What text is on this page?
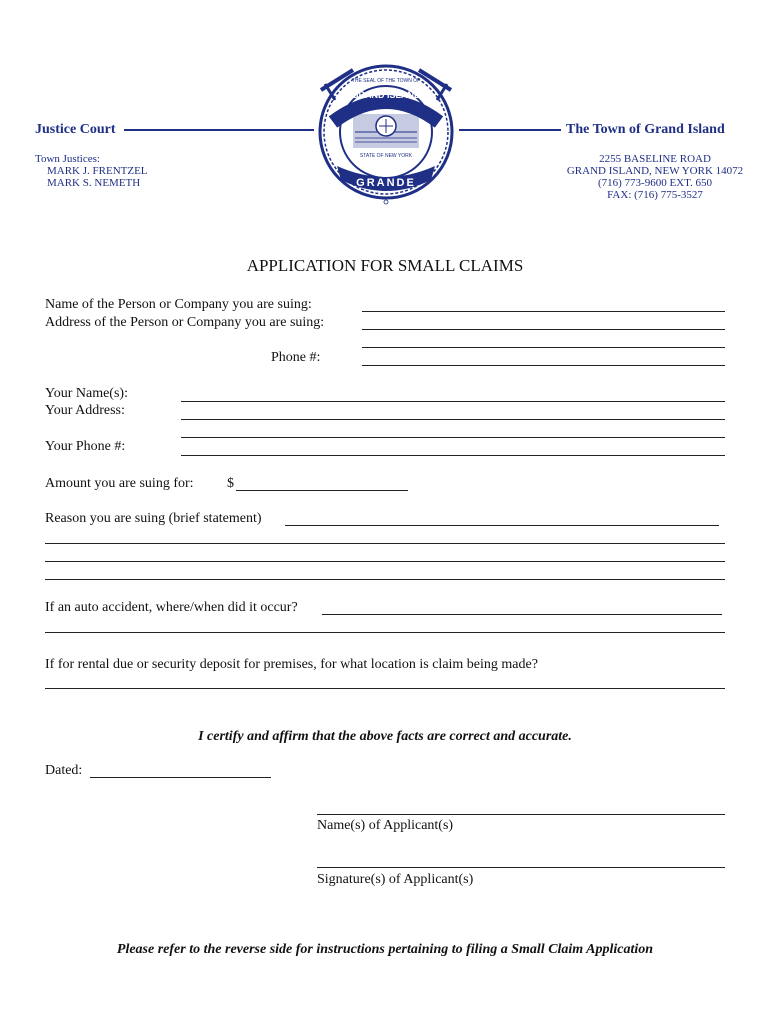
Justice Court	The Town of Grand Island
Town Justices:
MARK J. FRENTZEL
MARK S. NEMETH
2255 BASELINE ROAD
GRAND ISLAND, NEW YORK 14072
(716) 773-9600 EXT. 650
FAX: (716) 775-3527
GRAND ISLAND
THE SEAL OF THE TOWN OF
STATE OF NEW YORK
GRANDE
APPLICATION FOR SMALL CLAIMS
Name of the Person or Company you are suing:
Address of the Person or Company you are suing:
Phone #:
Your Name(s):
Your Address:
Your Phone #:
Amount you are suing for: $
Reason you are suing (brief statement)
If an auto accident, where/when did it occur?
If for rental due or security deposit for premises, for what location is claim being made?
I certify and affirm that the above facts are correct and accurate.
Dated:
Name(s) of Applicant(s)
Signature(s) of Applicant(s)
Please refer to the reverse side for instructions pertaining to filing a Small Claim Application
